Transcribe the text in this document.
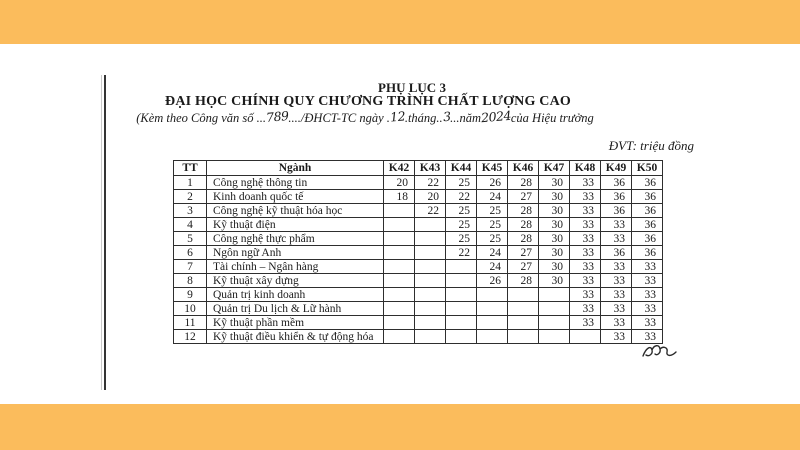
PHỤ LỤC 3
ĐẠI HỌC CHÍNH QUY CHƯƠNG TRÌNH CHẤT LƯỢNG CAO
(Kèm theo Công văn số ...789..../ĐHCT-TC ngày .12.tháng..3...năm2024của Hiệu trưởng
ĐVT: triệu đồng
TT	Ngành	K42	K43	K44	K45	K46	K47	K48	K49	K50
1	Công nghệ thông tin	20	22	25	26	28	30	33	36	36
2	Kinh doanh quốc tế	18	20	22	24	27	30	33	36	36
3	Công nghệ kỹ thuật hóa học		22	25	25	28	30	33	36	36
4	Kỹ thuật điện			25	25	28	30	33	33	36
5	Công nghệ thực phẩm			25	25	28	30	33	33	36
6	Ngôn ngữ Anh			22	24	27	30	33	36	36
7	Tài chính – Ngân hàng				24	27	30	33	33	33
8	Kỹ thuật xây dựng				26	28	30	33	33	33
9	Quản trị kinh doanh							33	33	33
10	Quản trị Du lịch & Lữ hành							33	33	33
11	Kỹ thuật phần mềm							33	33	33
12	Kỹ thuật điều khiển & tự động hóa								33	33
